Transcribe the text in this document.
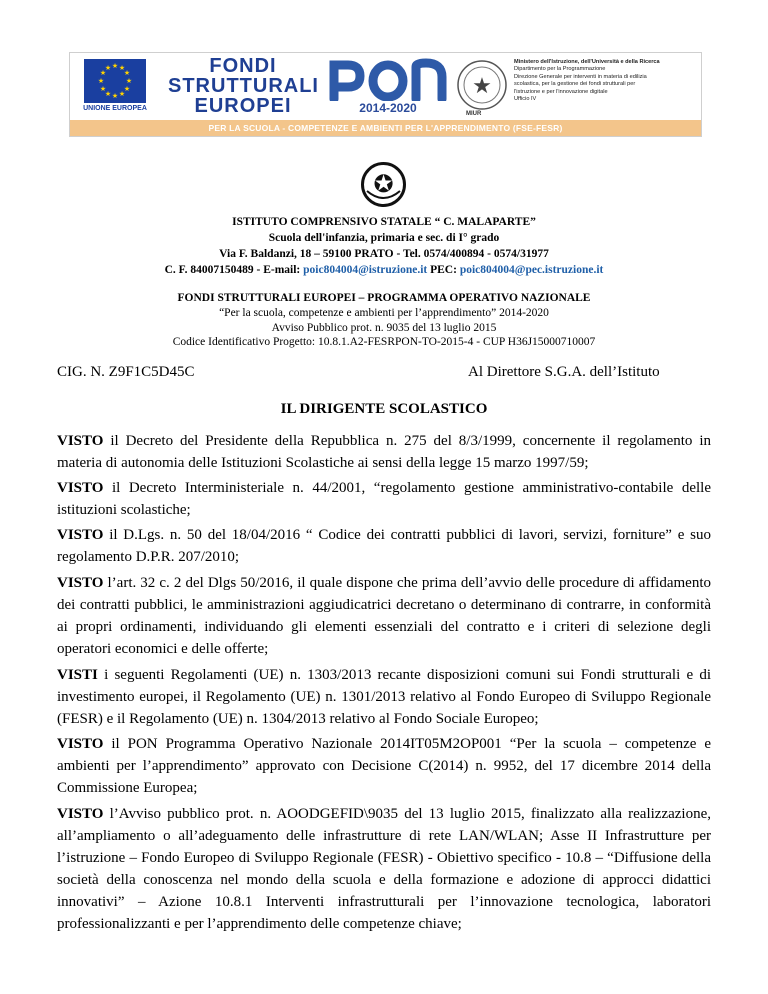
★ ★
★
★
★
★
★
★
★
★
★
★
UNIONE EUROPEA
FONDI
STRUTTURALI
EUROPEI	2014-2020
★
MIUR
Ministero dell'Istruzione, dell'Università e della Ricerca
Dipartimento per la Programmazione
Direzione Generale per interventi in materia di edilizia
scolastica, per la gestione dei fondi strutturali per
l'istruzione e per l'innovazione digitale
Ufficio IV
PER LA SCUOLA - COMPETENZE E AMBIENTI PER L'APPRENDIMENTO (FSE-FESR)
✪
ISTITUTO COMPRENSIVO STATALE “ C. MALAPARTE”
Scuola dell'infanzia, primaria e sec. di I° grado
Via F. Baldanzi, 18 – 59100 PRATO - Tel. 0574/400894 - 0574/31977
C. F. 84007150489 - E-mail: poic804004@istruzione.it PEC: poic804004@pec.istruzione.it
FONDI STRUTTURALI EUROPEI – PROGRAMMA OPERATIVO NAZIONALE
“Per la scuola, competenze e ambienti per l’apprendimento” 2014-2020
Avviso Pubblico prot. n. 9035 del 13 luglio 2015
Codice Identificativo Progetto: 10.8.1.A2-FESRPON-TO-2015-4 - CUP H36J15000710007
CIG. N. Z9F1C5D45C	Al Direttore S.G.A. dell’Istituto
IL DIRIGENTE SCOLASTICO
VISTO il Decreto del Presidente della Repubblica n. 275 del 8/3/1999, concernente il regolamento in materia di autonomia delle Istituzioni Scolastiche ai sensi della legge 15 marzo 1997/59;
VISTO il Decreto Interministeriale n. 44/2001, “regolamento gestione amministrativo-contabile delle istituzioni scolastiche;
VISTO il D.Lgs. n. 50 del 18/04/2016 “ Codice dei contratti pubblici di lavori, servizi, forniture” e suo regolamento D.P.R. 207/2010;
VISTO l’art. 32 c. 2 del Dlgs 50/2016, il quale dispone che prima dell’avvio delle procedure di affidamento dei contratti pubblici, le amministrazioni aggiudicatrici decretano o determinano di contrarre, in conformità ai propri ordinamenti, individuando gli elementi essenziali del contratto e i criteri di selezione degli operatori economici e delle offerte;
VISTI i seguenti Regolamenti (UE) n. 1303/2013 recante disposizioni comuni sui Fondi strutturali e di investimento europei, il Regolamento (UE) n. 1301/2013 relativo al Fondo Europeo di Sviluppo Regionale (FESR) e il Regolamento (UE) n. 1304/2013 relativo al Fondo Sociale Europeo;
VISTO il PON Programma Operativo Nazionale 2014IT05M2OP001 “Per la scuola – competenze e ambienti per l’apprendimento” approvato con Decisione C(2014) n. 9952, del 17 dicembre 2014 della Commissione Europea;
VISTO l’Avviso pubblico prot. n. AOODGEFID\9035 del 13 luglio 2015, finalizzato alla realizzazione, all’ampliamento o all’adeguamento delle infrastrutture di rete LAN/WLAN; Asse II Infrastrutture per l’istruzione – Fondo Europeo di Sviluppo Regionale (FESR) - Obiettivo specifico - 10.8 – “Diffusione della società della conoscenza nel mondo della scuola e della formazione e adozione di approcci didattici innovativi” – Azione 10.8.1 Interventi infrastrutturali per l’innovazione tecnologica, laboratori professionalizzanti e per l’apprendimento delle competenze chiave;
